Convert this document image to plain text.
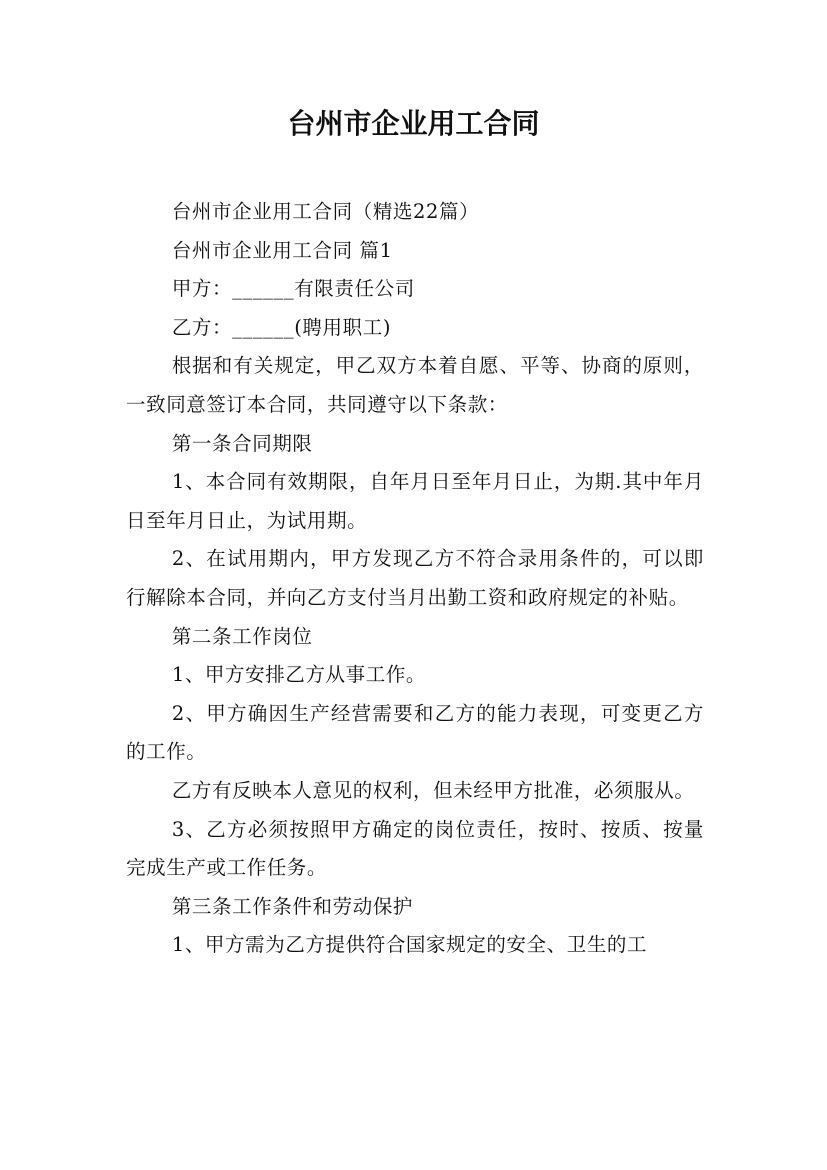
台州市企业用工合同

台州市企业用工合同（精选22篇）

台州市企业用工合同 篇1

甲方：______有限责任公司

乙方：______(聘用职工)

根据和有关规定，甲乙双方本着自愿、平等、协商的原则，一致同意签订本合同，共同遵守以下条款：

第一条合同期限

1、本合同有效期限，自年月日至年月日止，为期.其中年月日至年月日止，为试用期。

2、在试用期内，甲方发现乙方不符合录用条件的，可以即行解除本合同，并向乙方支付当月出勤工资和政府规定的补贴。

第二条工作岗位

1、甲方安排乙方从事工作。

2、甲方确因生产经营需要和乙方的能力表现，可变更乙方的工作。

乙方有反映本人意见的权利，但未经甲方批准，必须服从。

3、乙方必须按照甲方确定的岗位责任，按时、按质、按量完成生产或工作任务。

第三条工作条件和劳动保护

1、甲方需为乙方提供符合国家规定的安全、卫生的工
